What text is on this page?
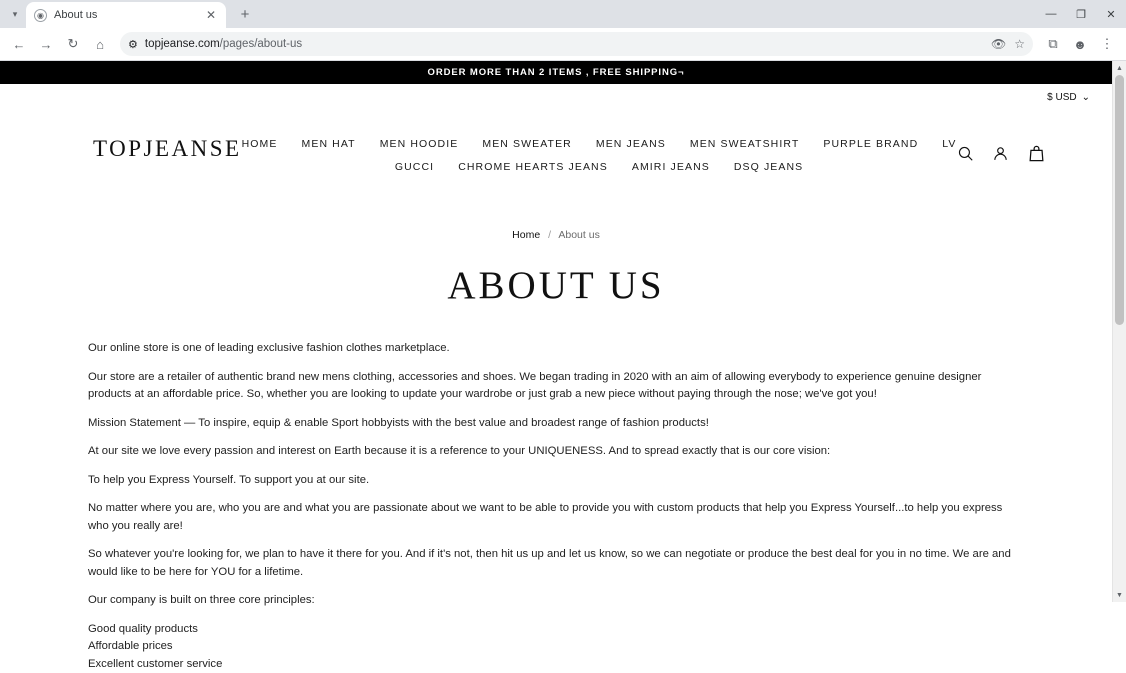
▾	◉ About us	✕	+	—	❐	✕
←	→	↻	⌂	⚙ topjeanse.com/pages/about-us	👁 ☆	⧉	☻	⋮
ORDER MORE THAN 2 ITEMS , FREE SHIPPING¬
$ USD ⌄
TOPJEANSE HOME MEN HAT MEN HOODIE MEN SWEATER MEN JEANS MEN SWEATSHIRT PURPLE BRAND LV
GUCCI CHROME HEARTS JEANS AMIRI JEANS DSQ JEANS
Home / About us
ABOUT US

Our online store is one of leading exclusive fashion clothes marketplace.

Our store are a retailer of authentic brand new mens clothing, accessories and shoes. We began trading in 2020 with an aim of allowing everybody to experience genuine designer products at an affordable price. So, whether you are looking to update your wardrobe or just grab a new piece without paying through the nose; we've got you!

Mission Statement — To inspire, equip & enable Sport hobbyists with the best value and broadest range of fashion products!

At our site we love every passion and interest on Earth because it is a reference to your UNIQUENESS. And to spread exactly that is our core vision:

To help you Express Yourself. To support you at our site.

No matter where you are, who you are and what you are passionate about we want to be able to provide you with custom products that help you Express Yourself...to help you express who you really are!

So whatever you're looking for, we plan to have it there for you. And if it's not, then hit us up and let us know, so we can negotiate or produce the best deal for you in no time. We are and would like to be here for YOU for a lifetime.

Our company is built on three core principles:

Good quality products

Affordable prices

Excellent customer service

▲
▼
